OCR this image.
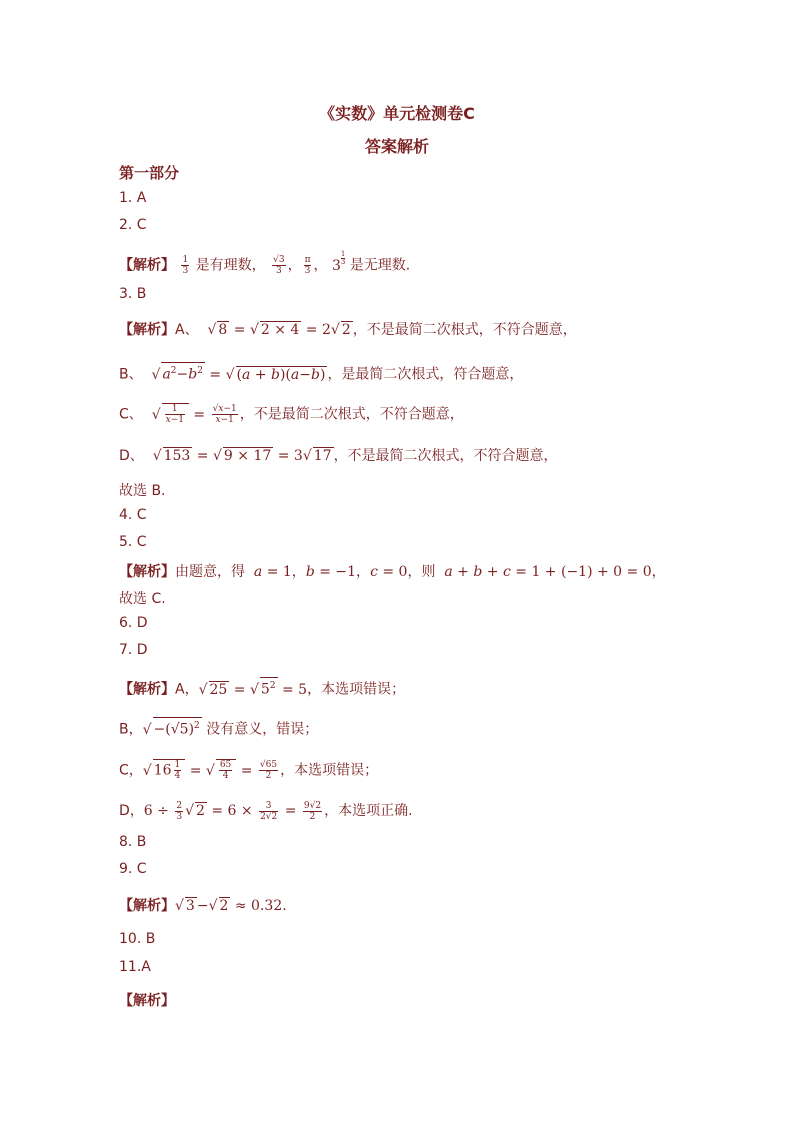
《实数》单元检测卷C
答案解析
第一部分
1. A
2. C
【解析】 $\frac{1}{3}$ 是有理数， $\frac{√3}{3}$ ， $\frac{\pi}{3}$ ， $3 \frac{1}{3}$ 是无理数.
3. B
【解析】A、 √ 8 = √ 2 × 4 = 2√ 2 ，不是最简二次根式，不符合题意，
B、 √ $a^2-b^2$ = √ (a + b)(a−b) ，是最简二次根式，符合题意，
C、 √ $\frac{1}{x-1} = \frac{√x-1}{x-1}$ ，不是最简二次根式，不符合题意，
D、 √ 153 = √ 9 × 17 = 3√ 17 ，不是最简二次根式，不符合题意，
故选 B.
4. C
5. C
【解析】由题意，得 a = 1，b = −1，c = 0，则 a + b + c = 1 + (−1) + 0 = 0，
故选 C.
6. D
7. D
【解析】A，√ 25 = √ $5^2 = 5$，本选项错误；
B，√ $-(√5)^2$ 没有意义，错误；
C，√ $16 \frac{1}{4}$ = √ $\frac{65}{4} = \frac{√65}{2}$ ，本选项错误；
D，$6 \div \frac{2}{3}$ √ $2 = 6 \times \frac{3}{2√2} = \frac{9√2}{2}$ ，本选项正确.
8. B
9. C
【解析】√ 3 −√ 2 ≈ 0.32.
10. B
11.A
【解析】
